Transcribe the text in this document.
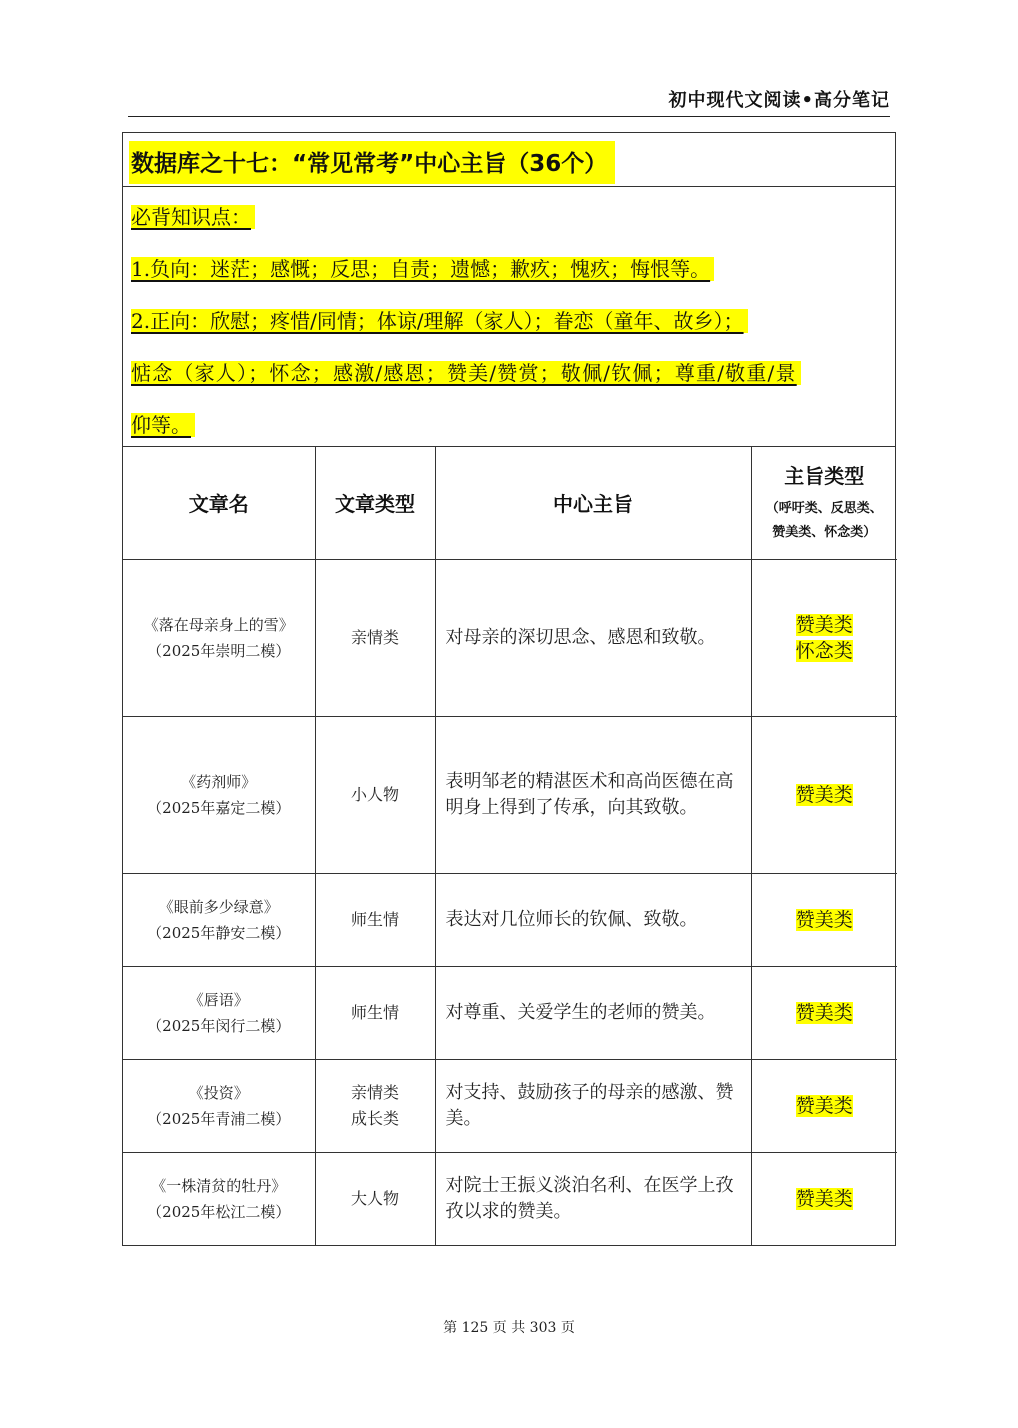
初中现代文阅读•高分笔记
数据库之十七：“常见常考”中心主旨（36个）
必背知识点：
1.负向：迷茫；感慨；反思；自责；遗憾；歉疚；愧疚；悔恨等。
2.正向：欣慰；疼惜/同情；体谅/理解（家人）；眷恋（童年、故乡）；
惦念（家人）；怀念；感激/感恩；赞美/赞赏；敬佩/钦佩；尊重/敬重/景
仰等。
文章名	文章类型	中心主旨	主旨类型
（呼吁类、反思类、
赞美类、怀念类）

《落在母亲身上的雪》
（2025年崇明二模）	亲情类	对母亲的深切思念、感恩和致敬。	赞美类
怀念类
《药剂师》
（2025年嘉定二模）	小人物	表明邹老的精湛医术和高尚医德在高明身上得到了传承，向其致敬。	赞美类
《眼前多少绿意》
（2025年静安二模）	师生情	表达对几位师长的钦佩、致敬。	赞美类
《唇语》
（2025年闵行二模）	师生情	对尊重、关爱学生的老师的赞美。	赞美类
《投资》
（2025年青浦二模）	亲情类
成长类	对支持、鼓励孩子的母亲的感激、赞美。	赞美类
《一株清贫的牡丹》
（2025年松江二模）	大人物	对院士王振义淡泊名利、在医学上孜孜以求的赞美。	赞美类
第 125 页 共 303 页
